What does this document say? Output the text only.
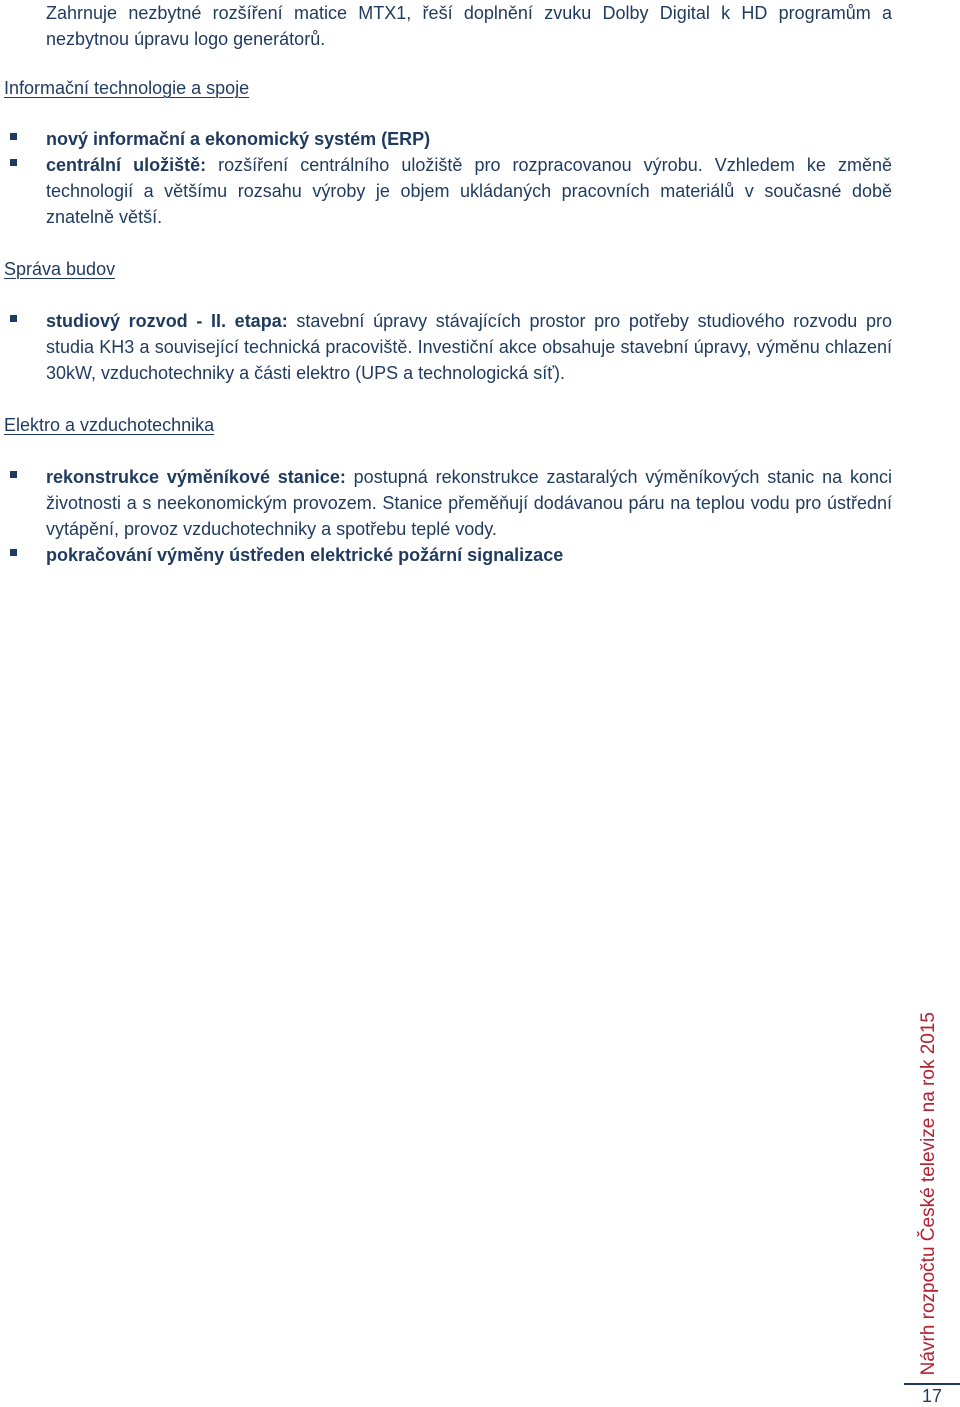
Zahrnuje nezbytné rozšíření matice MTX1, řeší doplnění zvuku Dolby Digital k HD programům a nezbytnou úpravu logo generátorů.
Informační technologie a spoje
nový informační a ekonomický systém (ERP)
centrální uložiště: rozšíření centrálního uložiště pro rozpracovanou výrobu. Vzhledem ke změně technologií a většímu rozsahu výroby je objem ukládaných pracovních materiálů v současné době znatelně větší.
Správa budov
studiový rozvod - II. etapa: stavební úpravy stávajících prostor pro potřeby studiového rozvodu pro studia KH3 a související technická pracoviště. Investiční akce obsahuje stavební úpravy, výměnu chlazení 30kW, vzduchotechniky a části elektro (UPS a technologická síť).
Elektro a vzduchotechnika
rekonstrukce výměníkové stanice: postupná rekonstrukce zastaralých výměníkových stanic na konci životnosti a s neekonomickým provozem. Stanice přeměňují dodávanou páru na teplou vodu pro ústřední vytápění, provoz vzduchotechniky a spotřebu teplé vody.
pokračování výměny ústředen elektrické požární signalizace
Návrh rozpočtu České televize na rok 2015
17
